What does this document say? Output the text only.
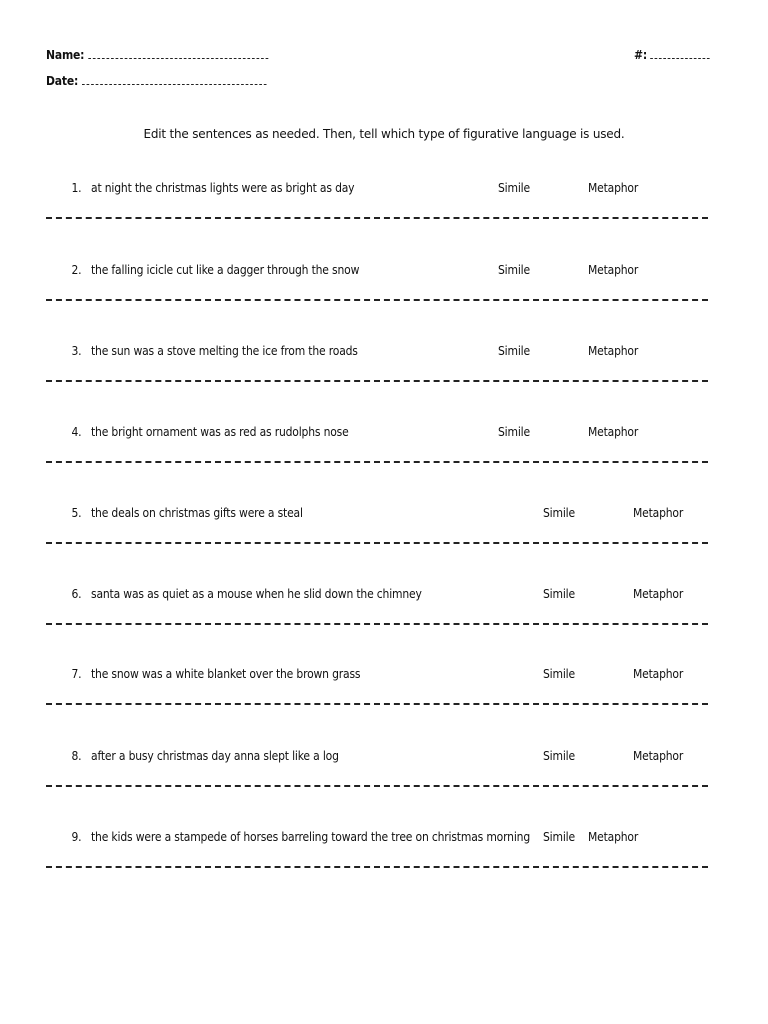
Name:
Date:
#:
Edit the sentences as needed. Then, tell which type of figurative language is used.
1. at night the christmas lights were as bright as day	Simile	Metaphor
2. the falling icicle cut like a dagger through the snow	Simile	Metaphor
3. the sun was a stove melting the ice from the roads	Simile	Metaphor
4. the bright ornament was as red as rudolphs nose	Simile	Metaphor
5. the deals on christmas gifts were a steal	Simile	Metaphor
6. santa was as quiet as a mouse when he slid down the chimney	Simile	Metaphor
7. the snow was a white blanket over the brown grass	Simile	Metaphor
8. after a busy christmas day anna slept like a log	Simile	Metaphor
9. the kids were a stampede of horses barreling toward the tree on christmas morning Simile Metaphor
